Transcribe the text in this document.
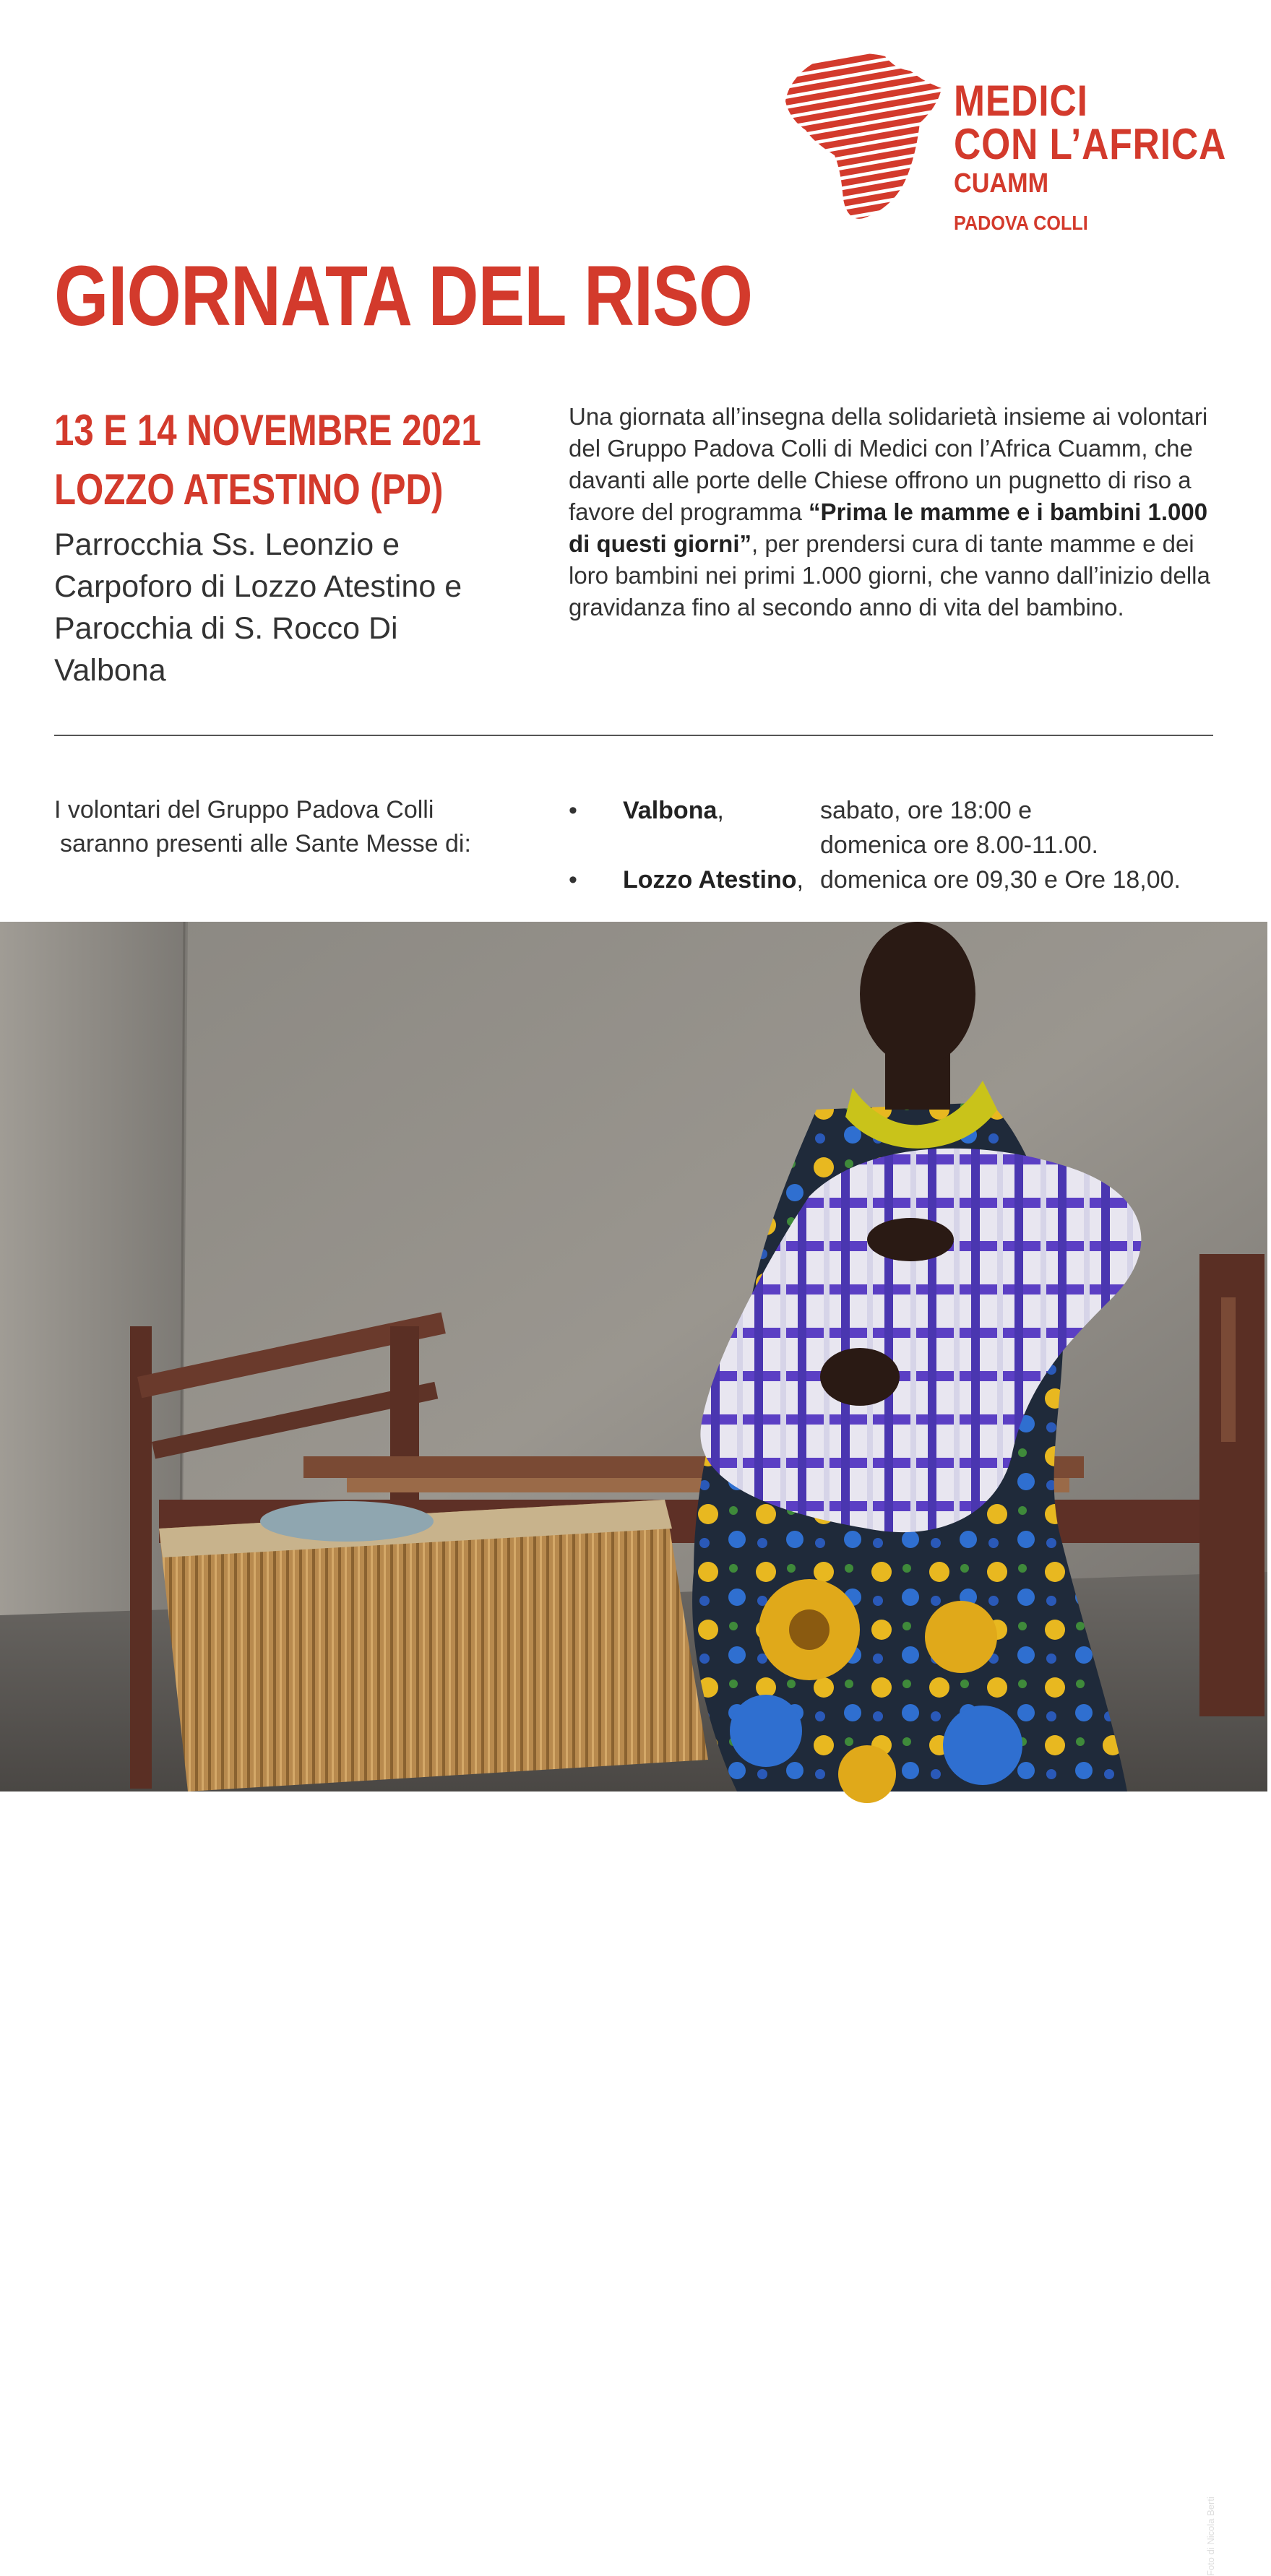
MEDICI
CON L’AFRICA
CUAMM
PADOVA COLLI
GIORNATA DEL RISO
13 E 14 NOVEMBRE 2021
LOZZO ATESTINO (PD)
Parrocchia Ss. Leonzio e Carpoforo di Lozzo Atestino e Parocchia di S. Rocco Di Valbona
Una giornata all’insegna della solidarietà insieme ai volontari del Gruppo Padova Colli di Medici con l’Africa Cuamm, che davanti alle porte delle Chiese offrono un pugnetto di riso a favore del programma “Prima le mamme e i bambini 1.000 di questi giorni”, per prendersi cura di tante mamme e dei loro bambini nei primi 1.000 giorni, che vanno dall’inizio della gravidanza fino al secondo anno di vita del bambino.
I volontari del Gruppo Padova Colli
saranno presenti alle Sante Messe di:
• Valbona,	sabato, ore 18:00 e
domenica ore 8.00-11.00.
• Lozzo Atestino, domenica ore 09,30 e Ore 18,00.
Foto di Nicola Berti
